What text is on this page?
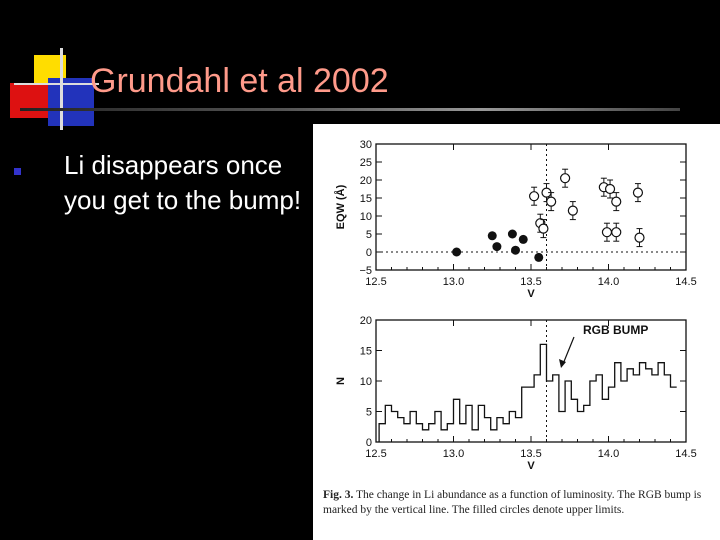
Grundahl et al 2002
Li disappears once you get to the bump!
12.5	13.0	13.5	14.0	14.5
−5
0
5
10
15
20
25
30
V
EQW (Å)
12.5	13.0	13.5	14.0	14.5
0
5
10
15
20
V
N
RGB BUMP
Fig. 3. The change in Li abundance as a function of luminosity. The RGB bump is marked by the vertical line. The filled circles denote upper limits.
